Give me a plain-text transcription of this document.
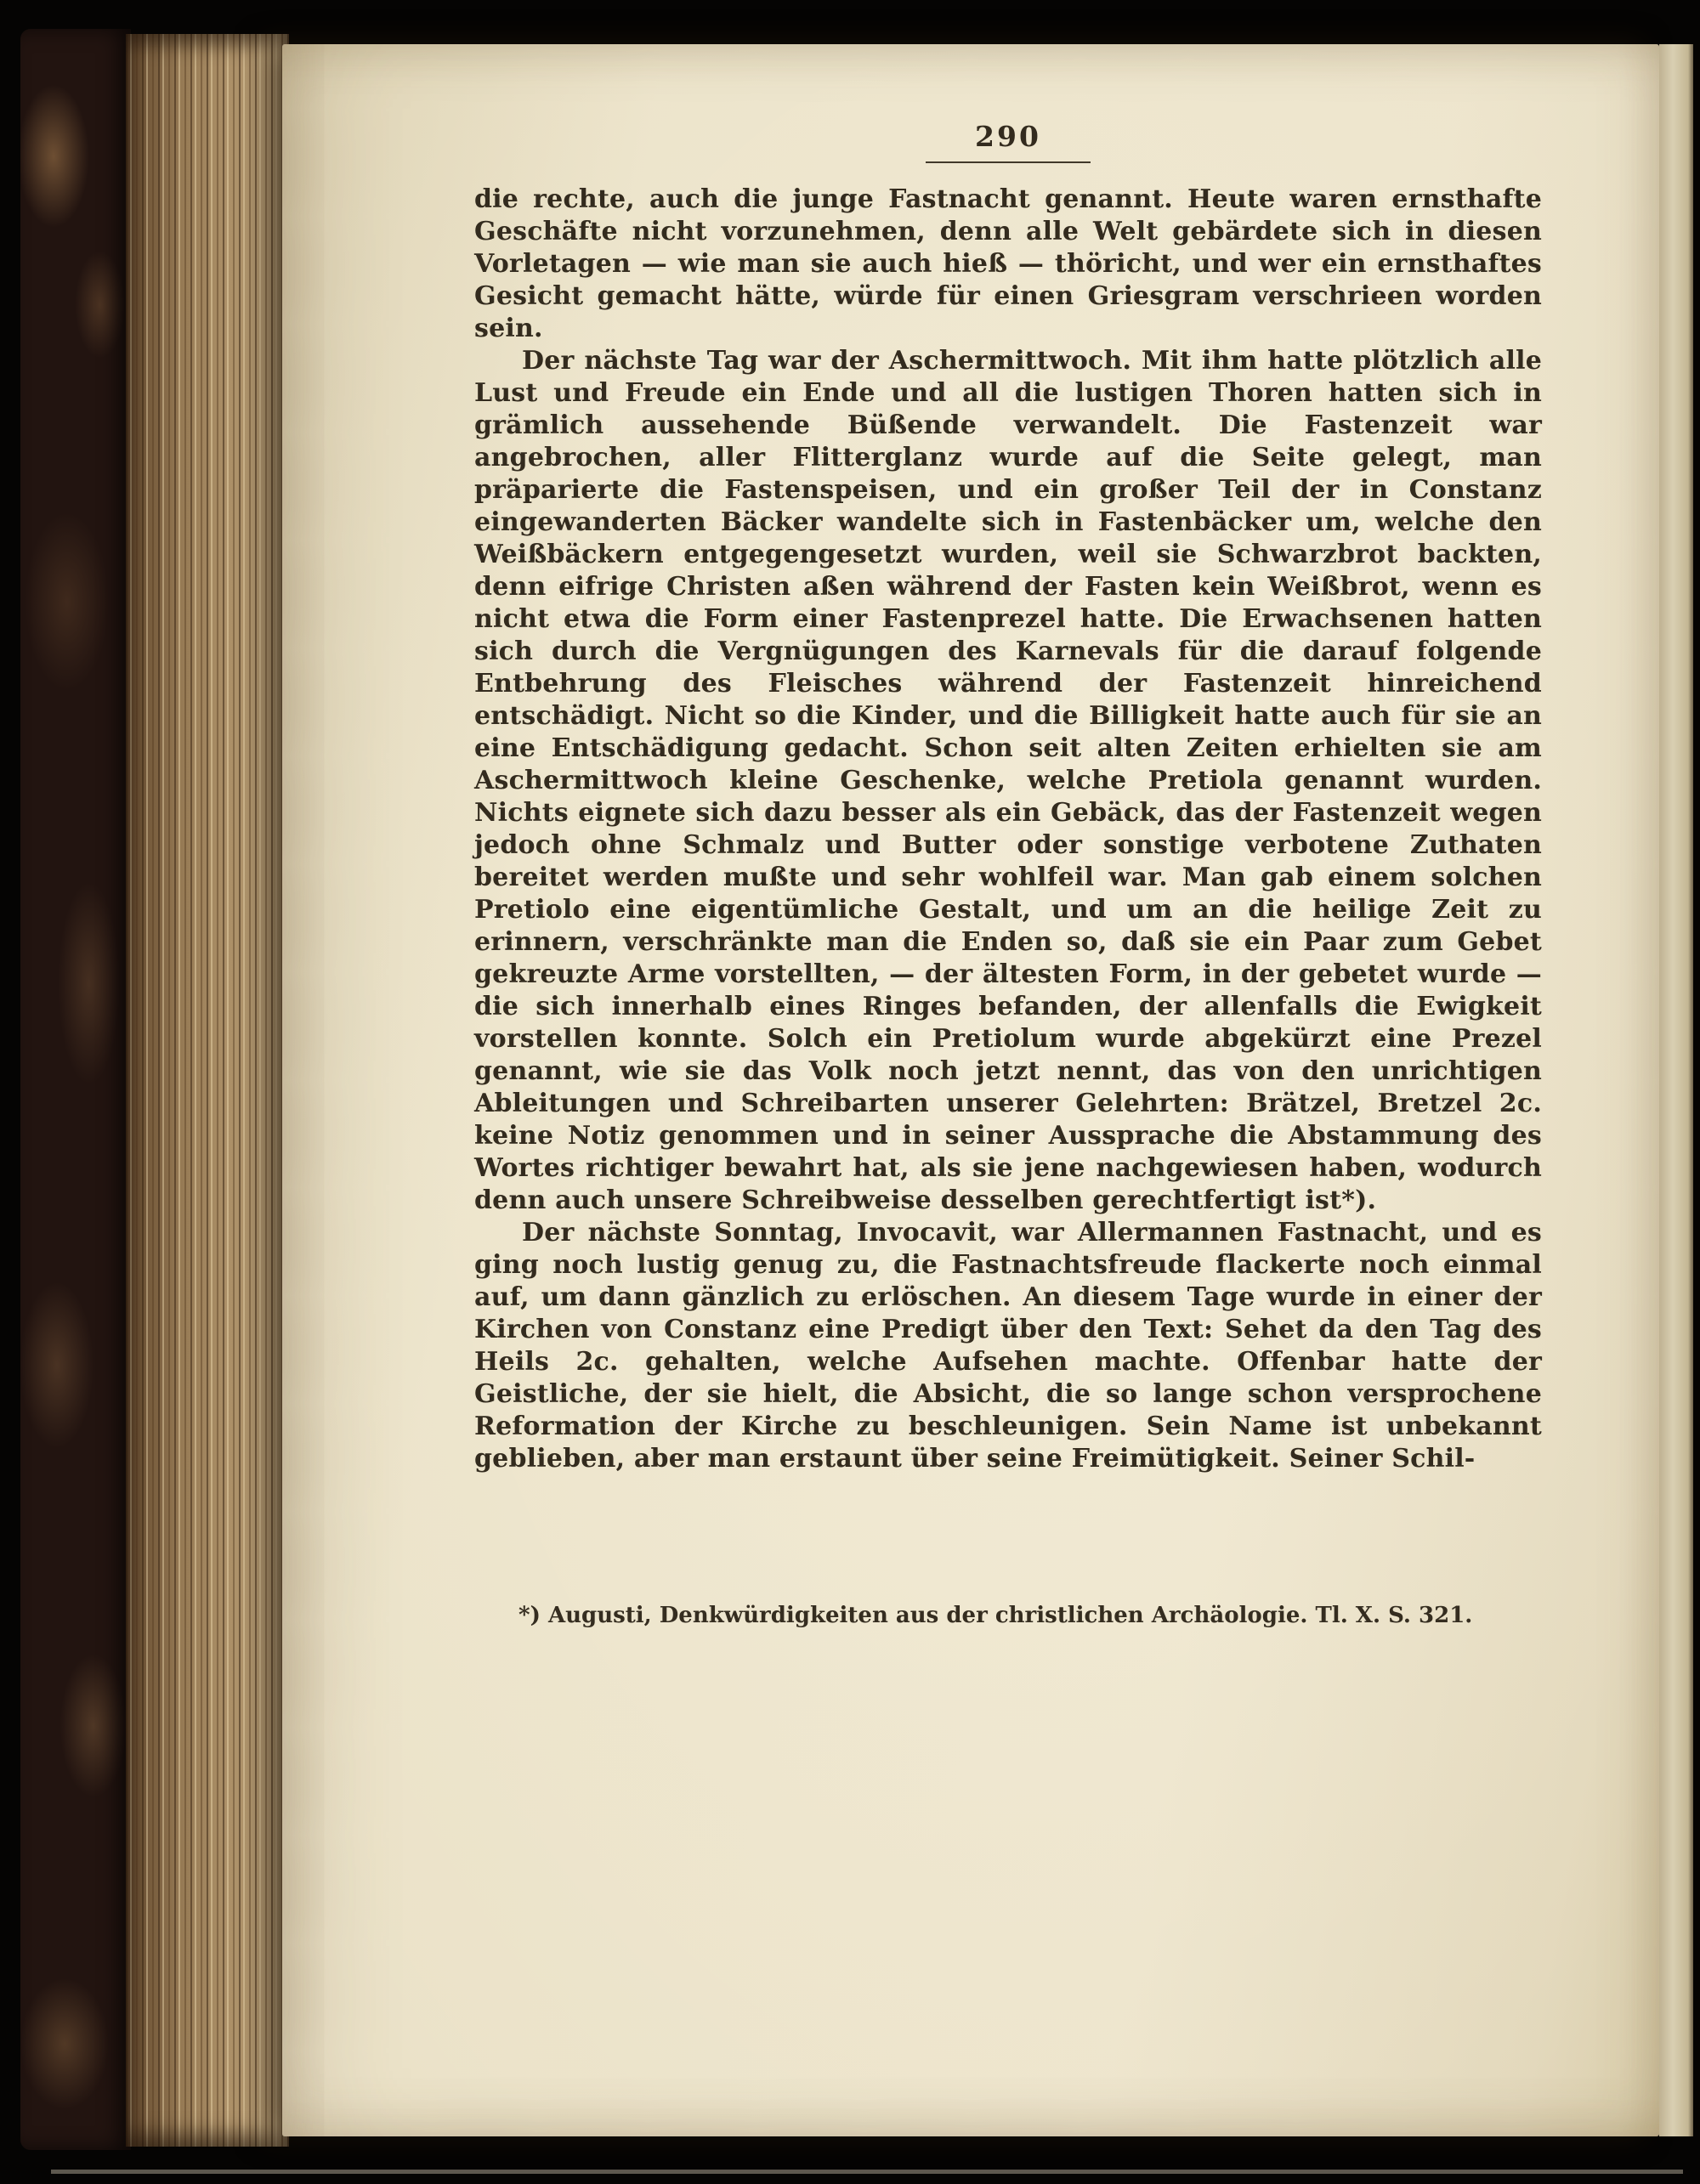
290

die rechte, auch die junge Fastnacht genannt. Heute waren ernsthafte Geschäfte nicht vorzunehmen, denn alle Welt gebärdete sich in diesen Vorletagen — wie man sie auch hieß — thöricht, und wer ein ernsthaftes Gesicht gemacht hätte, würde für einen Griesgram verschrieen worden sein.

Der nächste Tag war der Aschermittwoch. Mit ihm hatte plötzlich alle Lust und Freude ein Ende und all die lustigen Thoren hatten sich in grämlich aussehende Büßende verwandelt. Die Fastenzeit war angebrochen, aller Flitterglanz wurde auf die Seite gelegt, man präparierte die Fastenspeisen, und ein großer Teil der in Constanz eingewanderten Bäcker wandelte sich in Fastenbäcker um, welche den Weißbäckern entgegengesetzt wurden, weil sie Schwarzbrot backten, denn eifrige Christen aßen während der Fasten kein Weißbrot, wenn es nicht etwa die Form einer Fastenprezel hatte. Die Erwachsenen hatten sich durch die Vergnügungen des Karnevals für die darauf folgende Entbehrung des Fleisches während der Fastenzeit hinreichend entschädigt. Nicht so die Kinder, und die Billigkeit hatte auch für sie an eine Entschädigung gedacht. Schon seit alten Zeiten erhielten sie am Aschermittwoch kleine Geschenke, welche Pretiola genannt wurden. Nichts eignete sich dazu besser als ein Gebäck, das der Fastenzeit wegen jedoch ohne Schmalz und Butter oder sonstige verbotene Zuthaten bereitet werden mußte und sehr wohlfeil war. Man gab einem solchen Pretiolo eine eigentümliche Gestalt, und um an die heilige Zeit zu erinnern, verschränkte man die Enden so, daß sie ein Paar zum Gebet gekreuzte Arme vorstellten, — der ältesten Form, in der gebetet wurde — die sich innerhalb eines Ringes befanden, der allenfalls die Ewigkeit vorstellen konnte. Solch ein Pretiolum wurde abgekürzt eine Prezel genannt, wie sie das Volk noch jetzt nennt, das von den unrichtigen Ableitungen und Schreibarten unserer Gelehrten: Brätzel, Bretzel 2c. keine Notiz genommen und in seiner Aussprache die Abstammung des Wortes richtiger bewahrt hat, als sie jene nachgewiesen haben, wodurch denn auch unsere Schreibweise desselben gerechtfertigt ist*).

Der nächste Sonntag, Invocavit, war Allermannen Fastnacht, und es ging noch lustig genug zu, die Fastnachtsfreude flackerte noch einmal auf, um dann gänzlich zu erlöschen. An diesem Tage wurde in einer der Kirchen von Constanz eine Predigt über den Text: Sehet da den Tag des Heils 2c. gehalten, welche Aufsehen machte. Offenbar hatte der Geistliche, der sie hielt, die Absicht, die so lange schon versprochene Reformation der Kirche zu beschleunigen. Sein Name ist unbekannt geblieben, aber man erstaunt über seine Freimütigkeit. Seiner Schil-

*) Augusti, Denkwürdigkeiten aus der christlichen Archäologie. Tl. X. S. 321.
